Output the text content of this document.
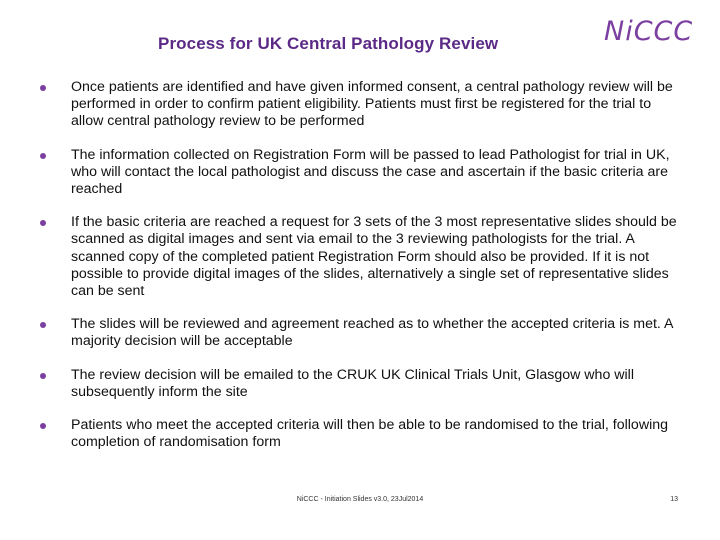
Process for UK Central Pathology Review	NiCCC
Once patients are identified and have given informed consent, a central pathology review will be performed in order to confirm patient eligibility. Patients must first be registered for the trial to allow central pathology review to be performed
The information collected on Registration Form will be passed to lead Pathologist for trial in UK, who will contact the local pathologist and discuss the case and ascertain if the basic criteria are reached
If the basic criteria are reached a request for 3 sets of the 3 most representative slides should be scanned as digital images and sent via email to the 3 reviewing pathologists for the trial. A scanned copy of the completed patient Registration Form should also be provided. If it is not possible to provide digital images of the slides, alternatively a single set of representative slides can be sent
The slides will be reviewed and agreement reached as to whether the accepted criteria is met. A majority decision will be acceptable
The review decision will be emailed to the CRUK UK Clinical Trials Unit, Glasgow who will subsequently inform the site
Patients who meet the accepted criteria will then be able to be randomised to the trial, following completion of randomisation form
NiCCC - Initiation Slides v3.0, 23Jul2014	13
